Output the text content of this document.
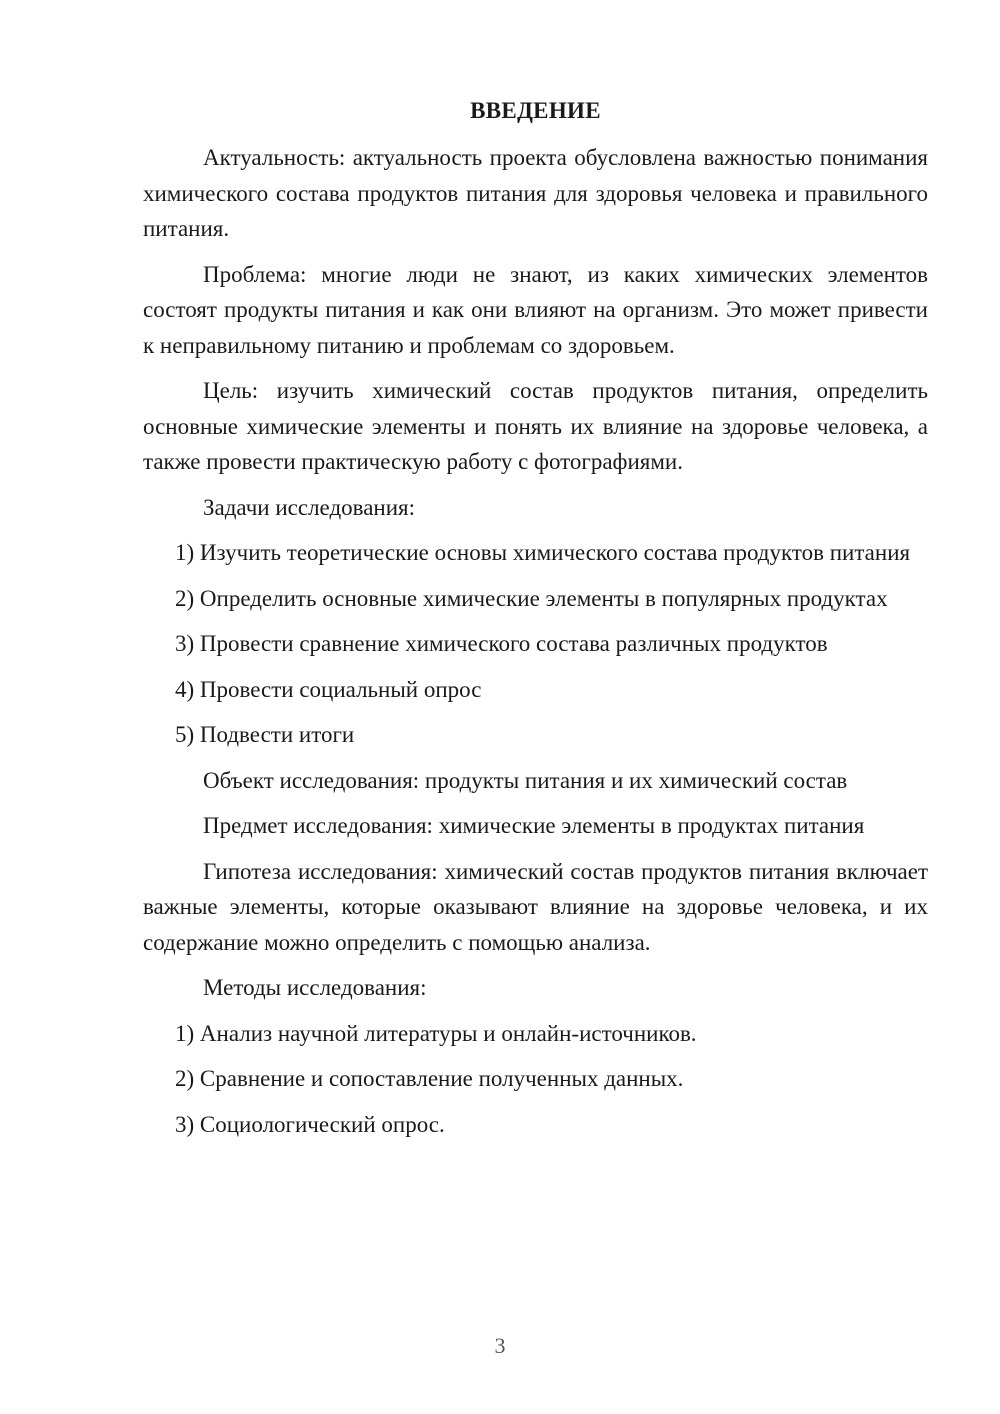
ВВЕДЕНИЕ

Актуальность: актуальность проекта обусловлена важностью понимания химического состава продуктов питания для здоровья человека и правильного питания.

Проблема: многие люди не знают, из каких химических элементов состоят продукты питания и как они влияют на организм. Это может привести к неправильному питанию и проблемам со здоровьем.

Цель: изучить химический состав продуктов питания, определить основные химические элементы и понять их влияние на здоровье человека, а также провести практическую работу с фотографиями.

Задачи исследования:

1) Изучить теоретические основы химического состава продуктов питания

2) Определить основные химические элементы в популярных продуктах

3) Провести сравнение химического состава различных продуктов

4) Провести социальный опрос

5) Подвести итоги

Объект исследования: продукты питания и их химический состав

Предмет исследования: химические элементы в продуктах питания

Гипотеза исследования: химический состав продуктов питания включает важные элементы, которые оказывают влияние на здоровье человека, и их содержание можно определить с помощью анализа.

Методы исследования:

1) Анализ научной литературы и онлайн-источников.

2) Сравнение и сопоставление полученных данных.

3) Социологический опрос.

3
